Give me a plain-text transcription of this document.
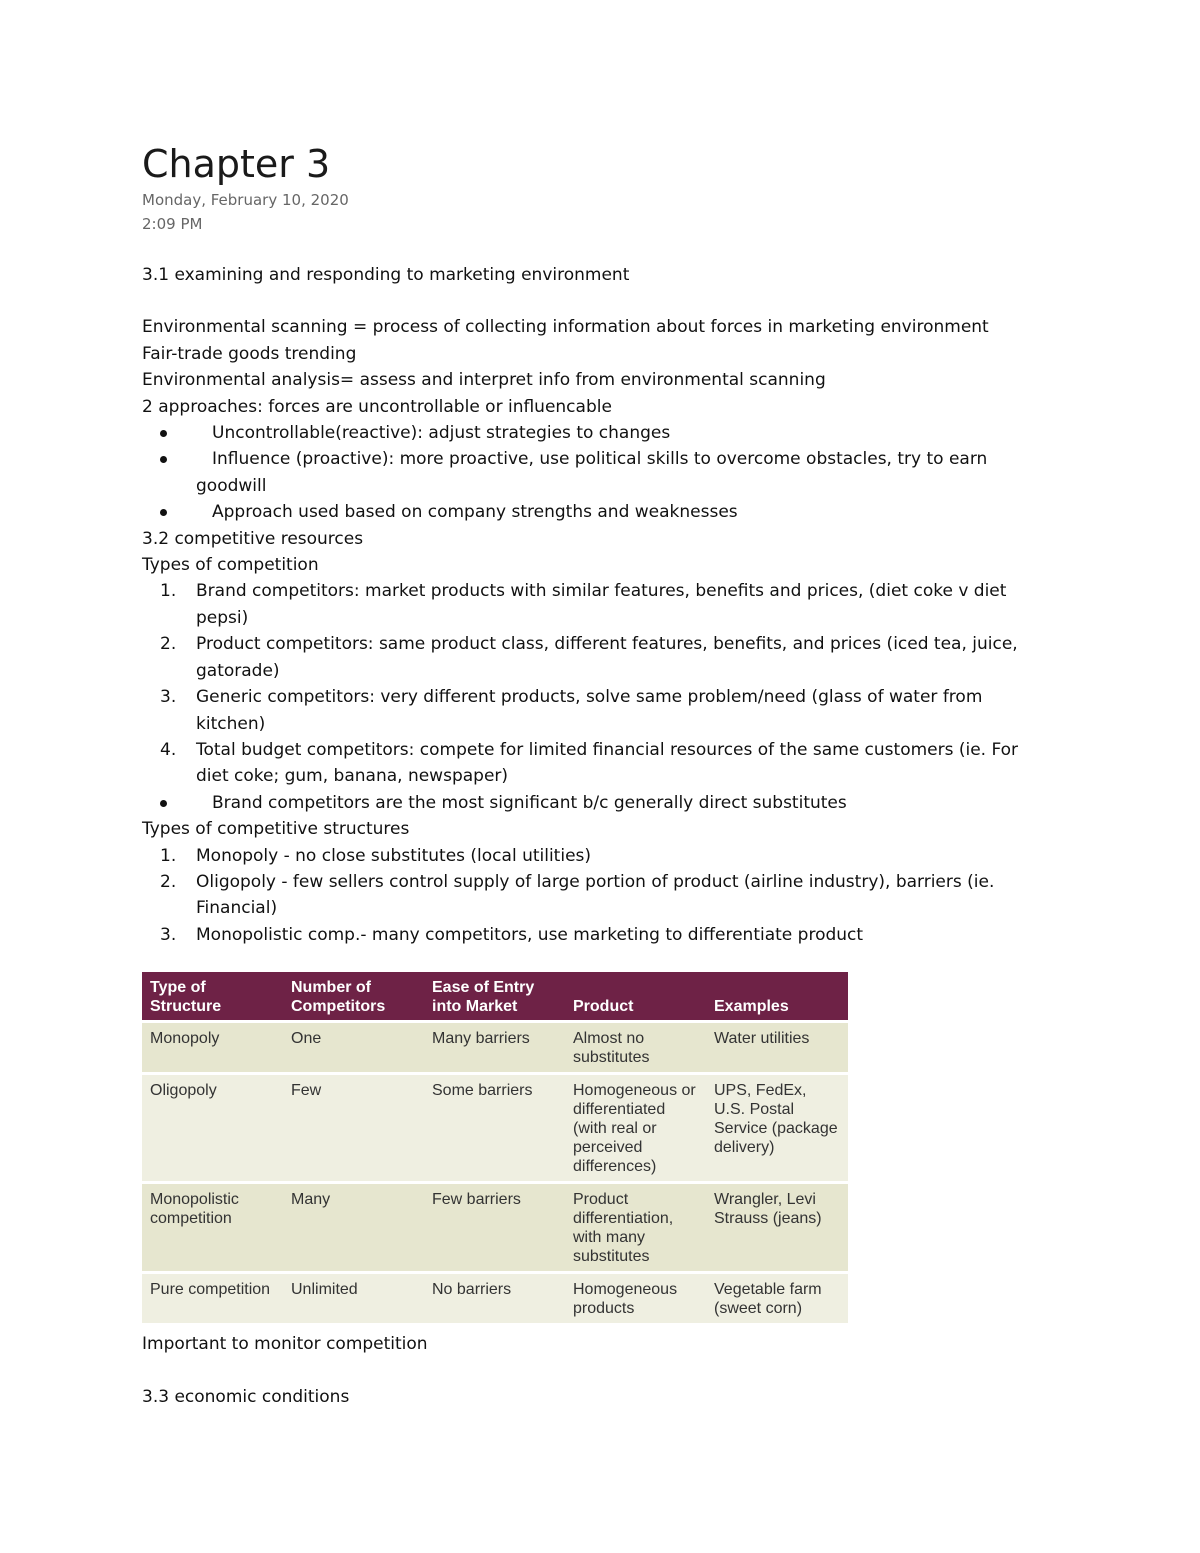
Chapter 3
Monday, February 10, 2020
2:09 PM
3.1 examining and responding to marketing environment
Environmental scanning = process of collecting information about forces in marketing environment
Fair-trade goods trending
Environmental analysis= assess and interpret info from environmental scanning
2 approaches: forces are uncontrollable or influencable
Uncontrollable(reactive): adjust strategies to changes
Influence (proactive): more proactive, use political skills to overcome obstacles, try to earn goodwill
Approach used based on company strengths and weaknesses
3.2 competitive resources
Types of competition
1. Brand competitors: market products with similar features, benefits and prices, (diet coke v diet pepsi)
2. Product competitors: same product class, different features, benefits, and prices (iced tea, juice, gatorade)
3. Generic competitors: very different products, solve same problem/need (glass of water from kitchen)
4. Total budget competitors: compete for limited financial resources of the same customers (ie. For diet coke; gum, banana, newspaper)
Brand competitors are the most significant b/c generally direct substitutes
Types of competitive structures
1. Monopoly - no close substitutes (local utilities)
2. Oligopoly - few sellers control supply of large portion of product (airline industry), barriers (ie. Financial)
3. Monopolistic comp.- many competitors, use marketing to differentiate product
Type of Structure	Number of Competitors	Ease of Entry into Market	Product	Examples
Monopoly	One	Many barriers	Almost no substitutes	Water utilities
Oligopoly	Few	Some barriers	Homogeneous or differentiated (with real or perceived differences)	UPS, FedEx, U.S. Postal Service (package delivery)
Monopolistic competition	Many	Few barriers	Product differentiation, with many substitutes	Wrangler, Levi Strauss (jeans)
Pure competition	Unlimited	No barriers	Homogeneous products	Vegetable farm (sweet corn)
Important to monitor competition
3.3 economic conditions
